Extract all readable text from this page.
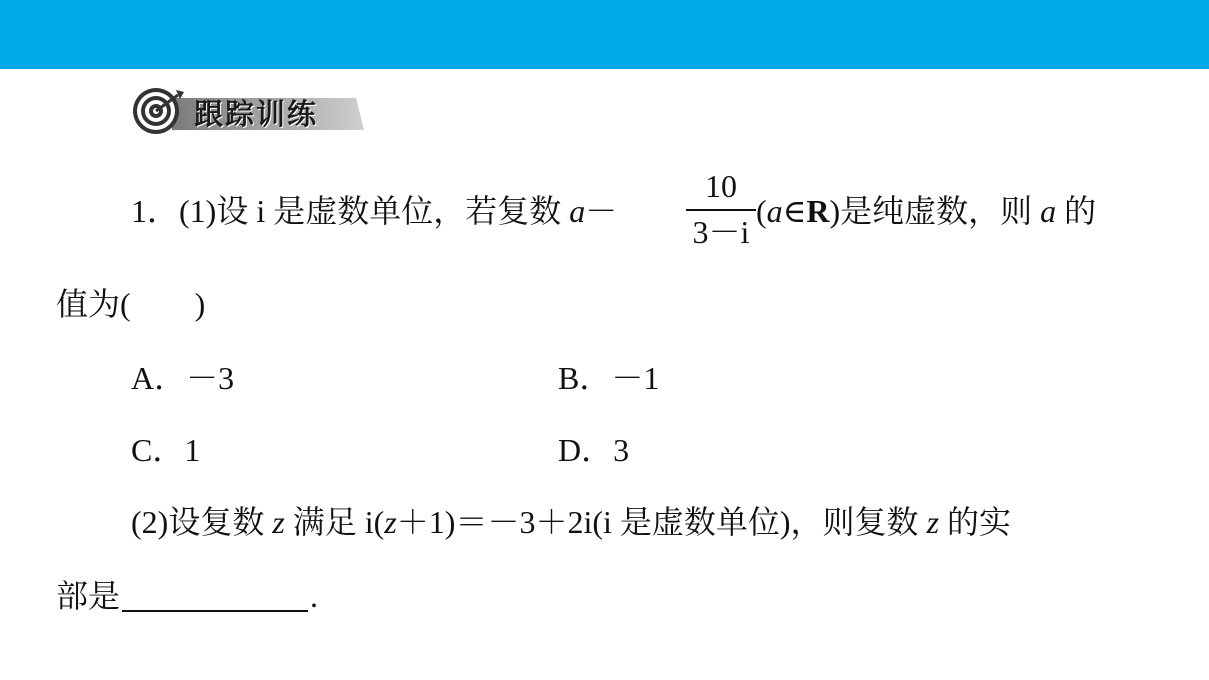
跟踪训练
1．(1)设 i 是虚数单位，若复数 a－
10
3－i
(a∈R)是纯虚数，则 a 的
值为( )
A．－3	B．－1
C．1	D．3
(2)设复数 z 满足 i(z＋1)＝－3＋2i(i 是虚数单位)，则复数 z 的实
部是	.
